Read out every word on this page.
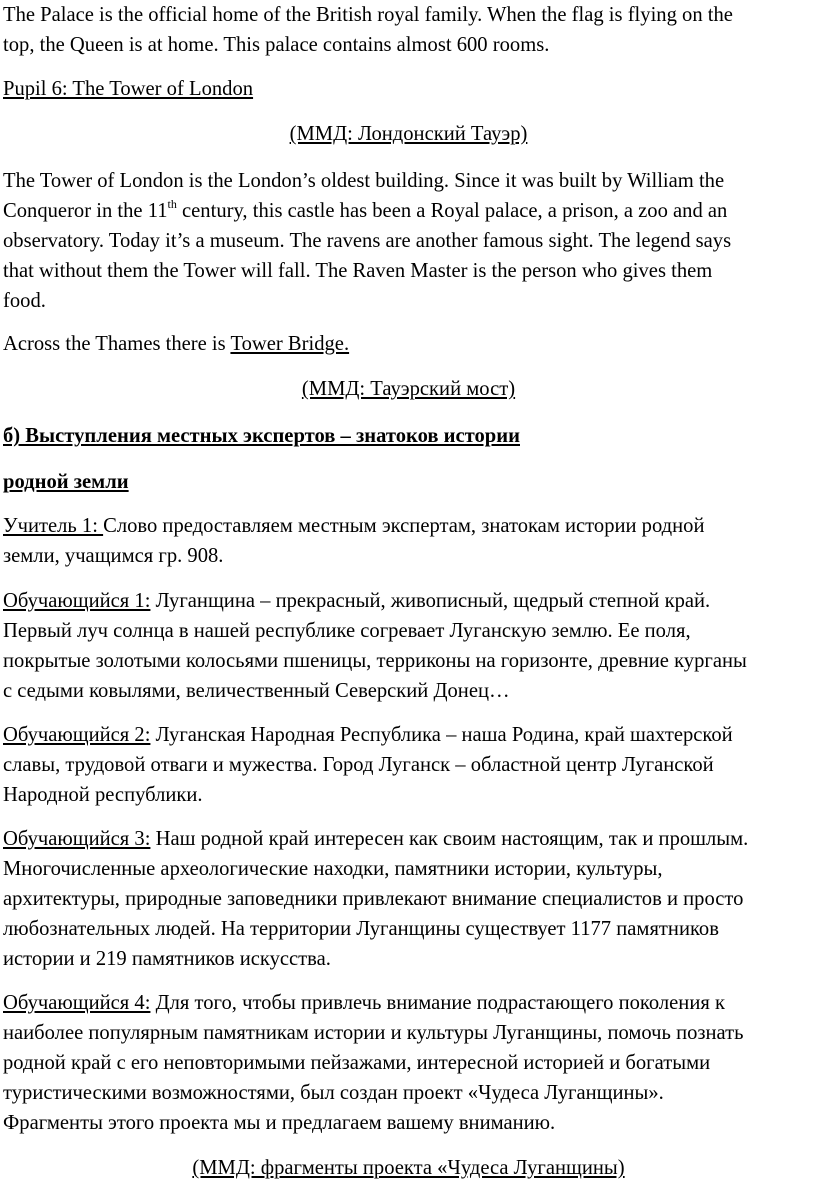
The Palace is the official home of the British royal family. When the flag is flying on the
top, the Queen is at home. This palace contains almost 600 rooms.

Pupil 6: The Tower of London

(ММД: Лондонский Тауэр)

The Tower of London is the London’s oldest building. Since it was built by William the
Conqueror in the 11th century, this castle has been a Royal palace, a prison, a zoo and an
observatory. Today it’s a museum. The ravens are another famous sight. The legend says
that without them the Tower will fall. The Raven Master is the person who gives them
food.

Across the Thames there is Tower Bridge.

(ММД: Тауэрский мост)

б) Выступления местных экспертов – знатоков истории

родной земли

Учитель 1: Слово предоставляем местным экспертам, знатокам истории родной
земли, учащимся гр. 908.

Обучающийся 1: Луганщина – прекрасный, живописный, щедрый степной край.
Первый луч солнца в нашей республике согревает Луганскую землю. Ее поля,
покрытые золотыми колосьями пшеницы, терриконы на горизонте, древние курганы
с седыми ковылями, величественный Северский Донец…

Обучающийся 2: Луганская Народная Республика – наша Родина, край шахтерской
славы, трудовой отваги и мужества. Город Луганск – областной центр Луганской
Народной республики.

Обучающийся 3: Наш родной край интересен как своим настоящим, так и прошлым.
Многочисленные археологические находки, памятники истории, культуры,
архитектуры, природные заповедники привлекают внимание специалистов и просто
любознательных людей. На территории Луганщины существует 1177 памятников
истории и 219 памятников искусства.

Обучающийся 4: Для того, чтобы привлечь внимание подрастающего поколения к
наиболее популярным памятникам истории и культуры Луганщины, помочь познать
родной край с его неповторимыми пейзажами, интересной историей и богатыми
туристическими возможностями, был создан проект «Чудеса Луганщины».
Фрагменты этого проекта мы и предлагаем вашему вниманию.

(ММД: фрагменты проекта «Чудеса Луганщины)
